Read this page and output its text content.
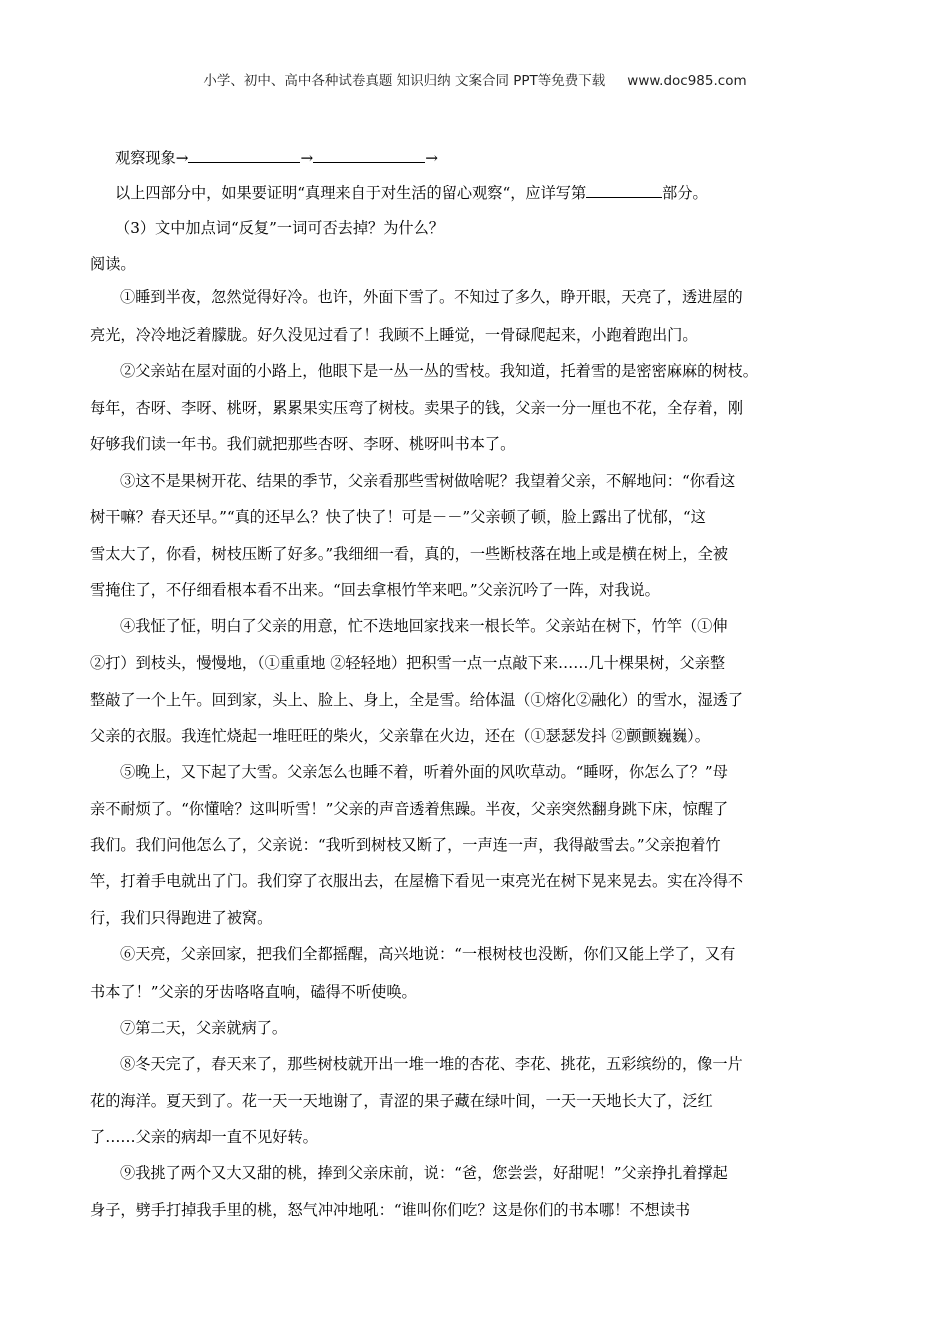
小学、初中、高中各种试卷真题 知识归纳 文案合同 PPT等免费下载 www.doc985.com
观察现象→	→	→
以上四部分中，如果要证明“真理来自于对生活的留心观察“，应详写第	部分。
（3）文中加点词“反复”一词可否去掉？为什么？
阅读。
①睡到半夜，忽然觉得好冷。也许，外面下雪了。不知过了多久，睁开眼，天亮了，透进屋的
亮光，冷冷地泛着朦胧。好久没见过看了！我顾不上睡觉，一骨碌爬起来，小跑着跑出门。
②父亲站在屋对面的小路上，他眼下是一丛一丛的雪枝。我知道，托着雪的是密密麻麻的树枝。
每年，杏呀、李呀、桃呀，累累果实压弯了树枝。卖果子的钱，父亲一分一厘也不花，全存着，刚
好够我们读一年书。我们就把那些杏呀、李呀、桃呀叫书本了。
③这不是果树开花、结果的季节，父亲看那些雪树做啥呢？我望着父亲，不解地问：“你看这
树干嘛？春天还早。”“真的还早么？快了快了！可是－－”父亲顿了顿，脸上露出了忧郁，“这
雪太大了，你看，树枝压断了好多。”我细细一看，真的，一些断枝落在地上或是横在树上，全被
雪掩住了，不仔细看根本看不出来。“回去拿根竹竿来吧。”父亲沉吟了一阵，对我说。
④我怔了怔，明白了父亲的用意，忙不迭地回家找来一根长竿。父亲站在树下，竹竿（①伸
②打）到枝头，慢慢地，（①重重地 ②轻轻地）把积雪一点一点敲下来……几十棵果树，父亲整
整敲了一个上午。回到家，头上、脸上、身上，全是雪。给体温（①熔化②融化）的雪水，湿透了
父亲的衣服。我连忙烧起一堆旺旺的柴火，父亲靠在火边，还在（①瑟瑟发抖 ②颤颤巍巍）。
⑤晚上，又下起了大雪。父亲怎么也睡不着，听着外面的风吹草动。“睡呀，你怎么了？”母
亲不耐烦了。“你懂啥？这叫听雪！”父亲的声音透着焦躁。半夜，父亲突然翻身跳下床，惊醒了
我们。我们问他怎么了，父亲说：“我听到树枝又断了，一声连一声，我得敲雪去。”父亲抱着竹
竿，打着手电就出了门。我们穿了衣服出去，在屋檐下看见一束亮光在树下晃来晃去。实在冷得不
行，我们只得跑进了被窝。
⑥天亮，父亲回家，把我们全都摇醒，高兴地说：“一根树枝也没断，你们又能上学了，又有
书本了！”父亲的牙齿咯咯直响，磕得不听使唤。
⑦第二天，父亲就病了。
⑧冬天完了，春天来了，那些树枝就开出一堆一堆的杏花、李花、挑花，五彩缤纷的，像一片
花的海洋。夏天到了。花一天一天地谢了，青涩的果子藏在绿叶间，一天一天地长大了，泛红
了……父亲的病却一直不见好转。
⑨我挑了两个又大又甜的桃，捧到父亲床前，说：“爸，您尝尝，好甜呢！”父亲挣扎着撑起
身子，劈手打掉我手里的桃，怒气冲冲地吼：“谁叫你们吃？这是你们的书本哪！不想读书
